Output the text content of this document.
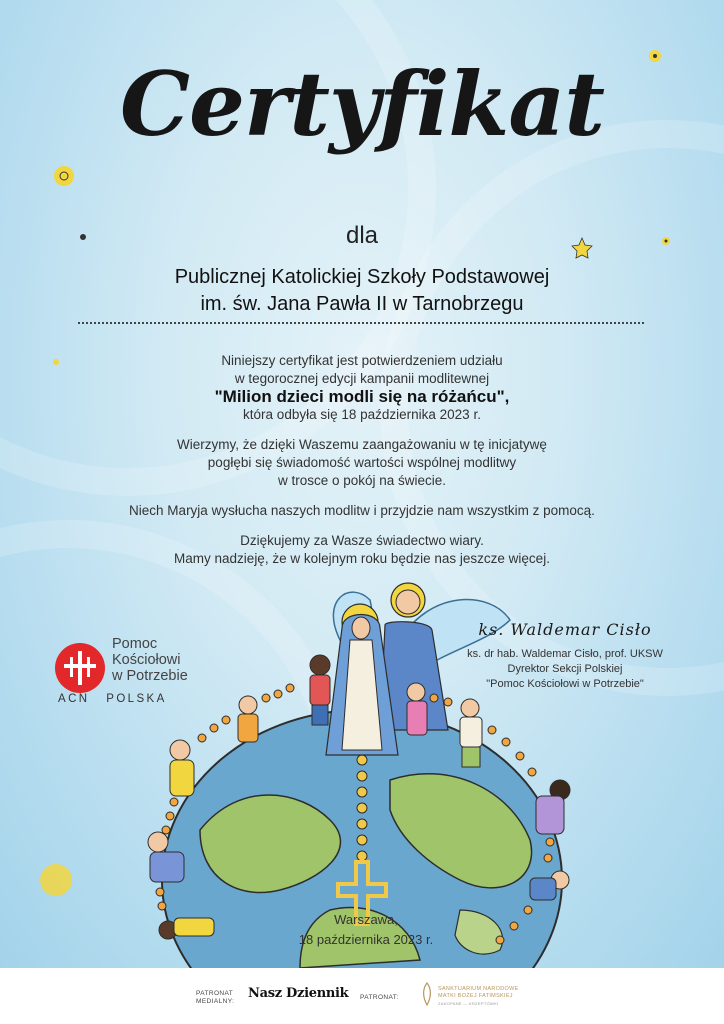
Certyfikat
dla
Publicznej Katolickiej Szkoły Podstawowej
im. św. Jana Pawła II w Tarnobrzegu

Niniejszy certyfikat jest potwierdzeniem udziału
w tegorocznej edycji kampanii modlitewnej
"Milion dzieci modli się na różańcu",
która odbyła się 18 października 2023 r.

Wierzymy, że dzięki Waszemu zaangażowaniu w tę inicjatywę
pogłębi się świadomość wartości wspólnej modlitwy
w trosce o pokój na świecie.

Niech Maryja wysłucha naszych modlitw i przyjdzie nam wszystkim z pomocą.

Dziękujemy za Wasze świadectwo wiary.
Mamy nadzieję, że w kolejnym roku będzie nas jeszcze więcej.

Pomoc
Kościołowi
w Potrzebie
ACN   POLSKA
ks. Waldemar Cisło
ks. dr hab. Waldemar Cisło, prof. UKSW
Dyrektor Sekcji Polskiej
"Pomoc Kościołowi w Potrzebie"
Warszawa,
18 października 2023 r.
PATRONAT
MEDIALNY:
Nasz Dziennik PATRONAT:
SANKTUARIUM NARODOWE
MATKI BOŻEJ FATIMSKIEJ
ZAKOPANE — KRZEPTÓWKI
